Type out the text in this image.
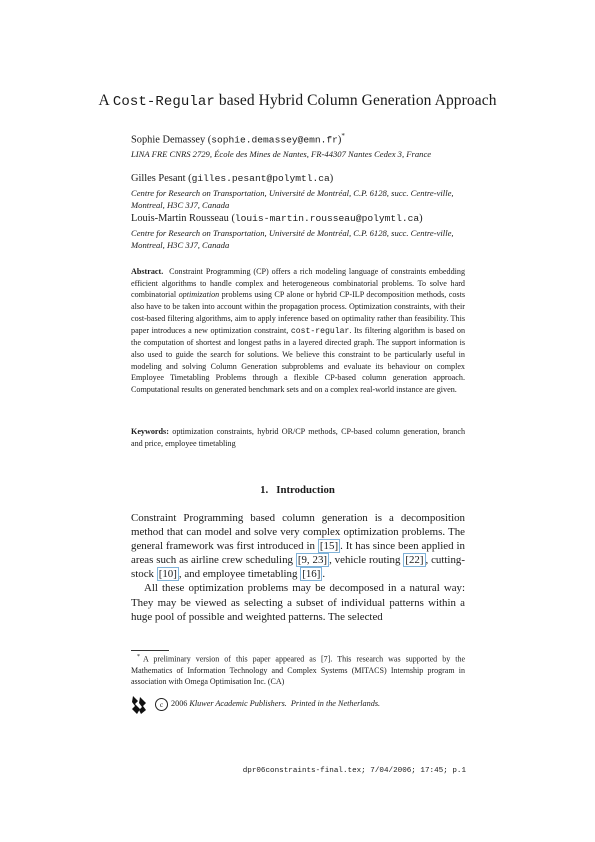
A Cost-Regular based Hybrid Column Generation Approach
Sophie Demassey (sophie.demassey@emn.fr)*
LINA FRE CNRS 2729, École des Mines de Nantes, FR-44307 Nantes Cedex 3, France
Gilles Pesant (gilles.pesant@polymtl.ca)
Centre for Research on Transportation, Université de Montréal, C.P. 6128, succ. Centre-ville, Montreal, H3C 3J7, Canada
Louis-Martin Rousseau (louis-martin.rousseau@polymtl.ca)
Centre for Research on Transportation, Université de Montréal, C.P. 6128, succ. Centre-ville, Montreal, H3C 3J7, Canada
Abstract. Constraint Programming (CP) offers a rich modeling language of constraints embedding efficient algorithms to handle complex and heterogeneous combinatorial problems. To solve hard combinatorial optimization problems using CP alone or hybrid CP-ILP decomposition methods, costs also have to be taken into account within the propagation process. Optimization constraints, with their cost-based filtering algorithms, aim to apply inference based on optimality rather than feasibility. This paper introduces a new optimization constraint, cost-regular. Its filtering algorithm is based on the computation of shortest and longest paths in a layered directed graph. The support information is also used to guide the search for solutions. We believe this constraint to be particularly useful in modeling and solving Column Generation subproblems and evaluate its behaviour on complex Employee Timetabling Problems through a flexible CP-based column generation approach. Computational results on generated benchmark sets and on a complex real-world instance are given.
Keywords: optimization constraints, hybrid OR/CP methods, CP-based column generation, branch and price, employee timetabling
1. Introduction

Constraint Programming based column generation is a decomposition method that can model and solve very complex optimization problems. The general framework was first introduced in [15] . It has since been applied in areas such as airline crew scheduling [9, 23] , vehicle routing [22] , cutting-stock [10] , and employee timetabling [16] .

All these optimization problems may be decomposed in a natural way: They may be viewed as selecting a subset of individual patterns within a huge pool of possible and weighted patterns. The selected

* A preliminary version of this paper appeared as [7]. This research was supported by the Mathematics of Information Technology and Complex Systems (MITACS) Internship program in association with Omega Optimisation Inc. (CA)
c 2006 Kluwer Academic Publishers. Printed in the Netherlands.
dpr06constraints-final.tex; 7/04/2006; 17:45; p.1
